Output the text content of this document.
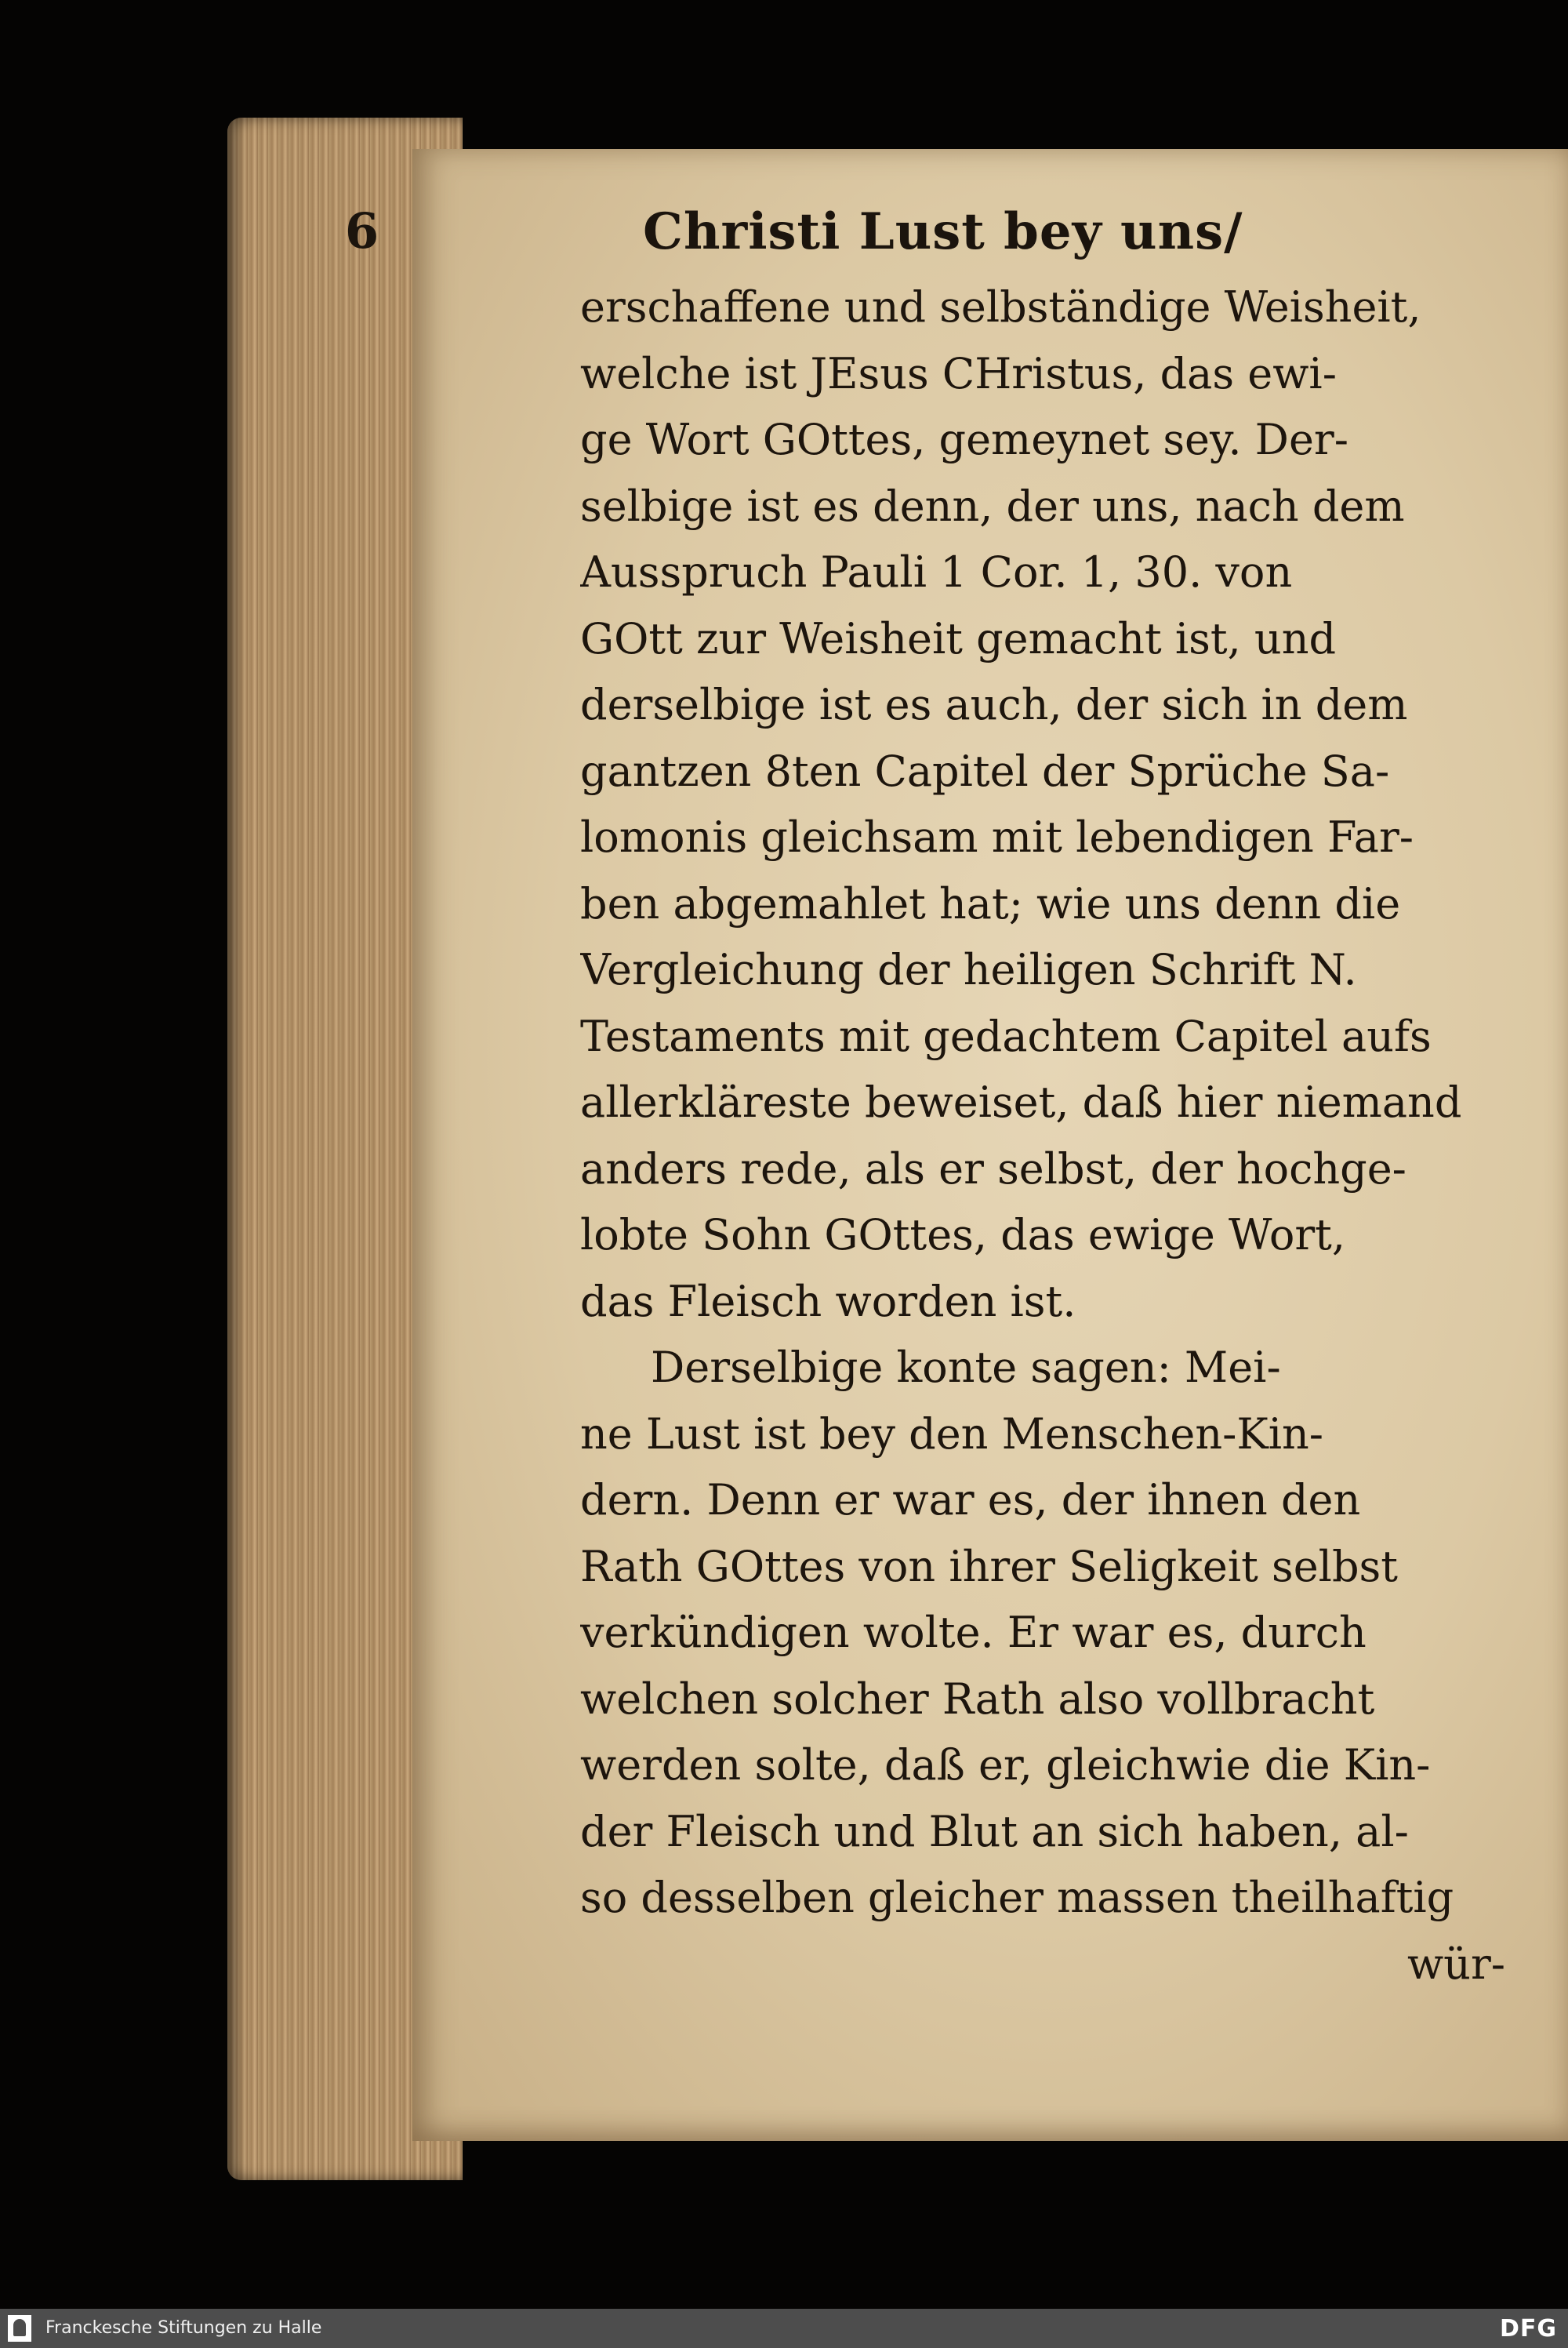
6	Christi Lust bey uns/
erschaffene und selbständige Weisheit,
welche ist JEsus CHristus, das ewi-
ge Wort GOttes, gemeynet sey. Der-
selbige ist es denn, der uns, nach dem
Ausspruch Pauli 1 Cor. 1, 30. von
GOtt zur Weisheit gemacht ist, und
derselbige ist es auch, der sich in dem
gantzen 8ten Capitel der Sprüche Sa-
lomonis gleichsam mit lebendigen Far-
ben abgemahlet hat; wie uns denn die
Vergleichung der heiligen Schrift N.
Testaments mit gedachtem Capitel aufs
allerkläreste beweiset, daß hier niemand
anders rede, als er selbst, der hochge-
lobte Sohn GOttes, das ewige Wort,
das Fleisch worden ist.
Derselbige konte sagen: Mei-
ne Lust ist bey den Menschen-Kin-
dern. Denn er war es, der ihnen den
Rath GOttes von ihrer Seligkeit selbst
verkündigen wolte. Er war es, durch
welchen solcher Rath also vollbracht
werden solte, daß er, gleichwie die Kin-
der Fleisch und Blut an sich haben, al-
so desselben gleicher massen theilhaftig
wür-
Franckesche Stiftungen zu Halle	DFG
